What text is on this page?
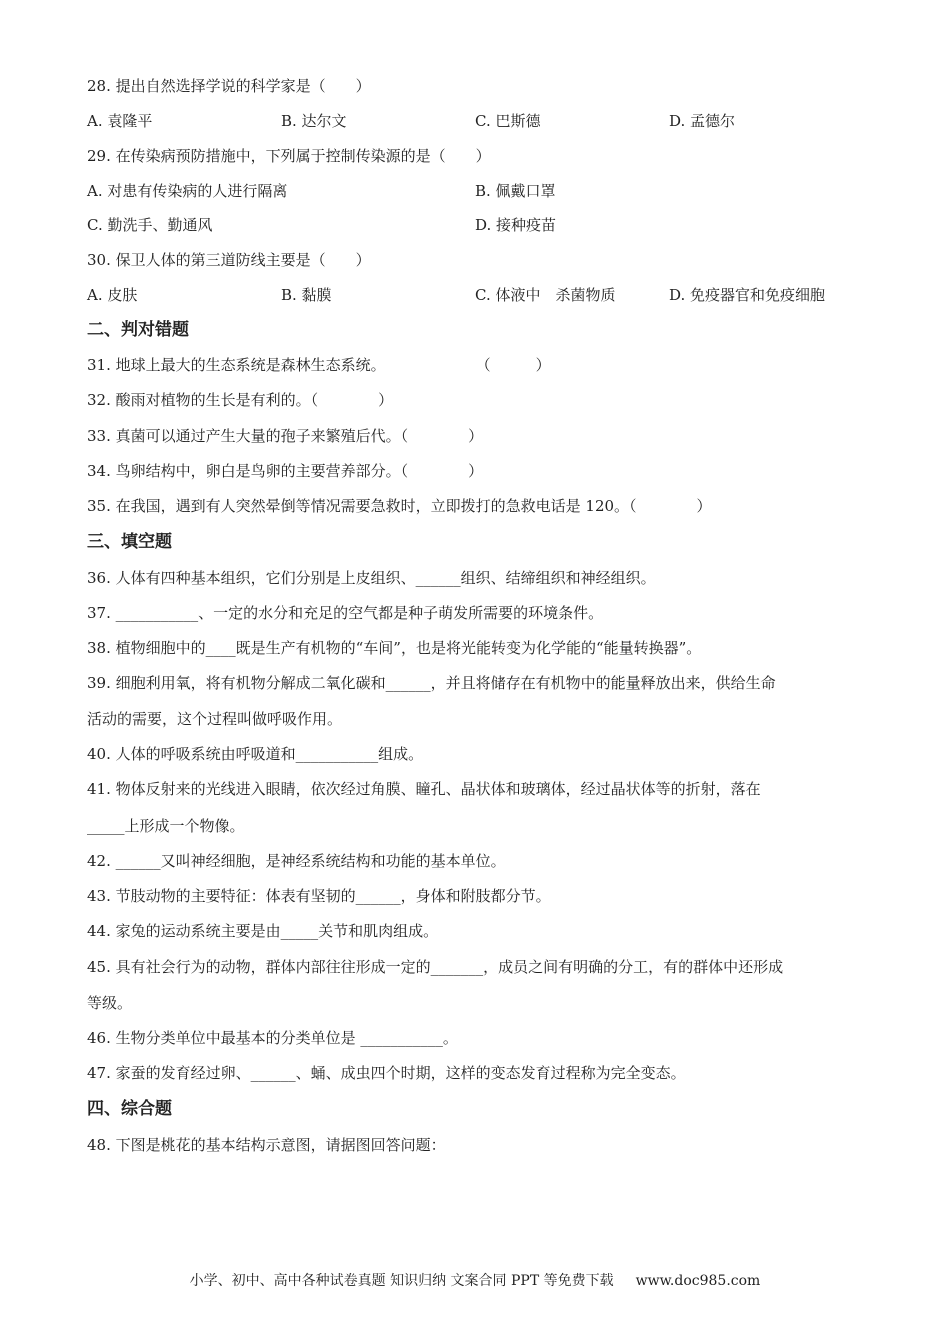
28. 提出自然选择学说的科学家是（　　）
A. 袁隆平	B. 达尔文	C. 巴斯德	D. 孟德尔
29. 在传染病预防措施中，下列属于控制传染源的是（　　）
A. 对患有传染病的人进行隔离	B. 佩戴口罩
C. 勤洗手、勤通风	D. 接种疫苗
30. 保卫人体的第三道防线主要是（　　）
A. 皮肤	B. 黏膜	C. 体液中　杀菌物质	D. 免疫器官和免疫细胞
二、判对错题
31. 地球上最大的生态系统是森林生态系统。　　　　　　　（　　　）
32. 酸雨对植物的生长是有利的。（　　　　）
33. 真菌可以通过产生大量的孢子来繁殖后代。（　　　　）
34. 鸟卵结构中，卵白是鸟卵的主要营养部分。（　　　　）
35. 在我国，遇到有人突然晕倒等情况需要急救时，立即拨打的急救电话是 120。（　　　　）
三、填空题
36. 人体有四种基本组织，它们分别是上皮组织、______组织、结缔组织和神经组织。
37. ___________、一定的水分和充足的空气都是种子萌发所需要的环境条件。
38. 植物细胞中的____既是生产有机物的“车间”，也是将光能转变为化学能的“能量转换器”。
39. 细胞利用氧，将有机物分解成二氧化碳和______，并且将储存在有机物中的能量释放出来，供给生命
活动的需要，这个过程叫做呼吸作用。
40. 人体的呼吸系统由呼吸道和___________组成。
41. 物体反射来的光线进入眼睛，依次经过角膜、瞳孔、晶状体和玻璃体，经过晶状体等的折射，落在
_____上形成一个物像。
42. ______又叫神经细胞，是神经系统结构和功能的基本单位。
43. 节肢动物的主要特征：体表有坚韧的______，身体和附肢都分节。
44. 家兔的运动系统主要是由_____关节和肌肉组成。
45. 具有社会行为的动物，群体内部往往形成一定的_______，成员之间有明确的分工，有的群体中还形成
等级。
46. 生物分类单位中最基本的分类单位是 ___________。
47. 家蚕的发育经过卵、______、蛹、成虫四个时期，这样的变态发育过程称为完全变态。
四、综合题
48. 下图是桃花的基本结构示意图，请据图回答问题：
小学、初中、高中各种试卷真题 知识归纳 文案合同 PPT 等免费下载 www.doc985.com
